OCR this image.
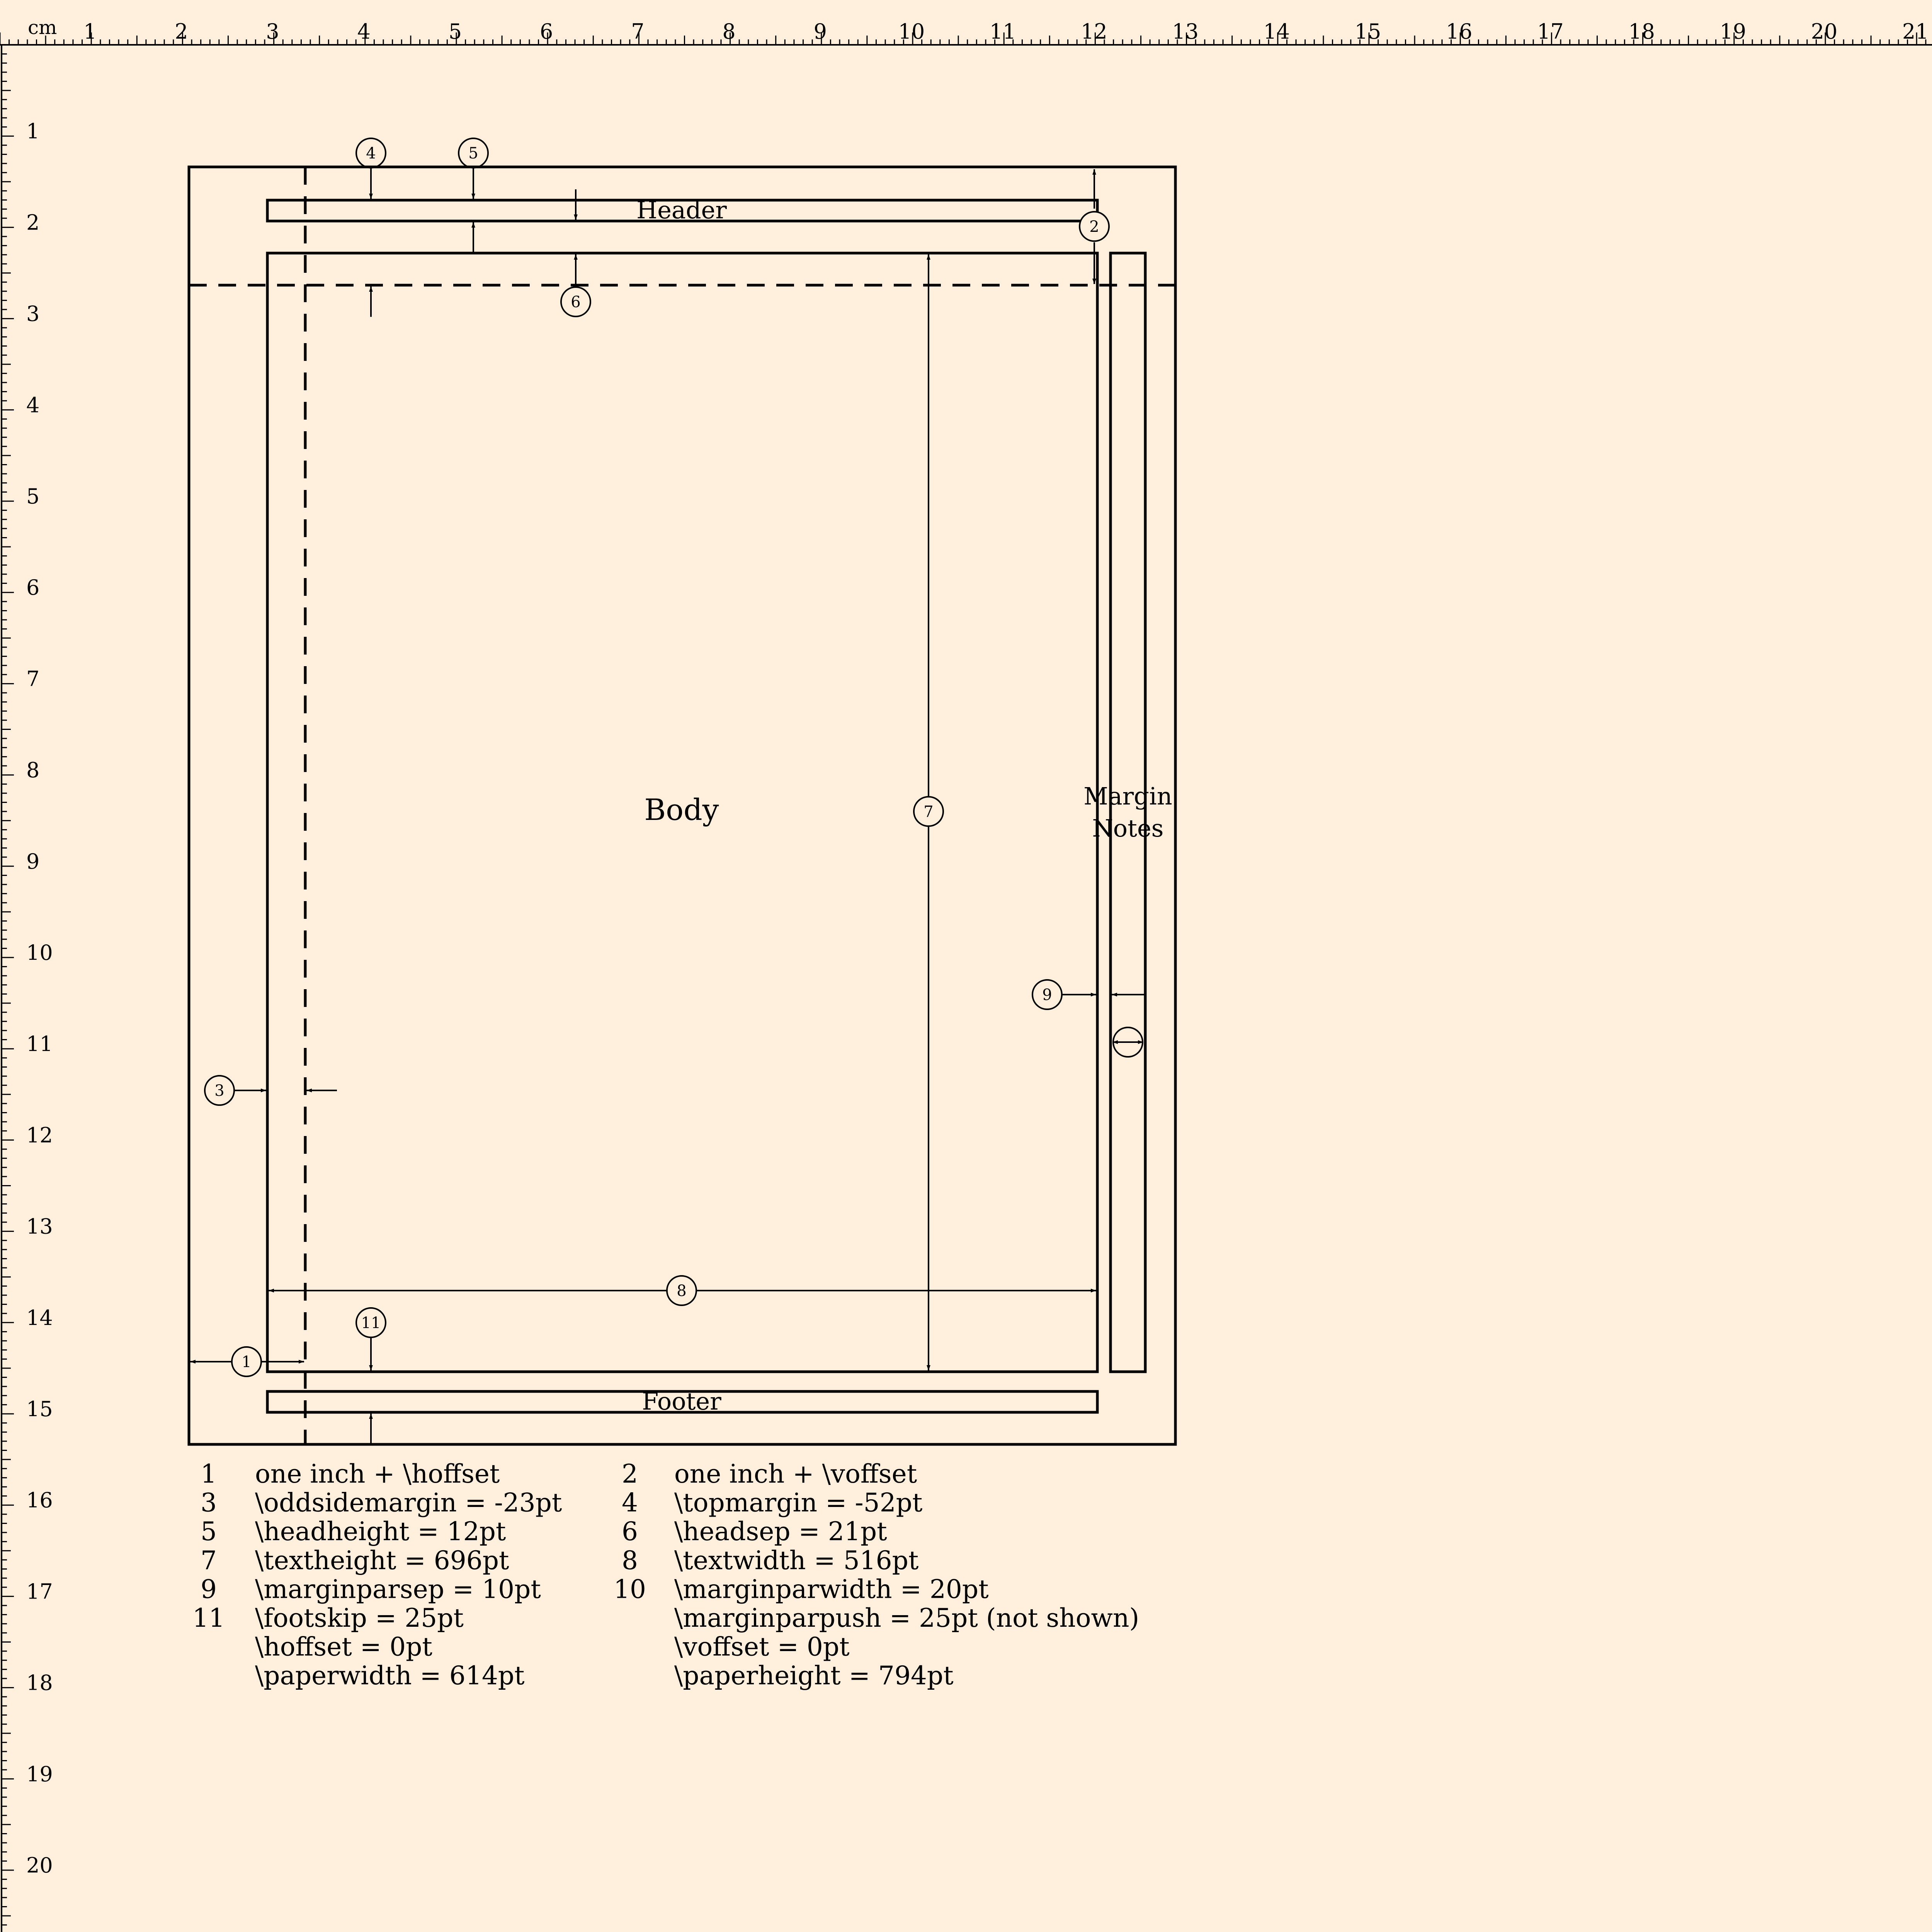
cm 1	2	3	4	5	6	7	8	9	10	11	12	13	14	15	16	17	18	19	20	21
1
2
3
4
5
6
7
8
9
10
11
12
13
14
15
16
17
18
19
20
Header
Body
Footer
Margin
Notes
1
2
3
4	5
6
7
8
9
11
1 one inch + \hoffset
3 \oddsidemargin = -23pt
5 \headheight = 12pt
7 \textheight = 696pt
9 \marginparsep = 10pt
11 \footskip = 25pt
\hoffset = 0pt
\paperwidth = 614pt
2 one inch + \voffset
4 \topmargin = -52pt
6 \headsep = 21pt
8 \textwidth = 516pt
10 \marginparwidth = 20pt
\marginparpush = 25pt (not shown)
\voffset = 0pt
\paperheight = 794pt
